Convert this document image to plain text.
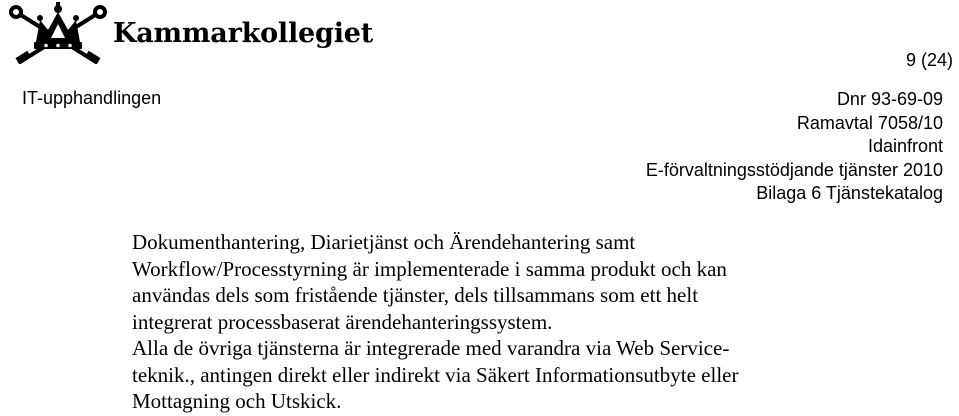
Kammarkollegiet
9 (24)
IT-upphandlingen	Dnr 93-69-09
Ramavtal 7058/10
Idainfront
E-förvaltningsstödjande tjänster 2010
Bilaga 6 Tjänstekatalog
Dokumenthantering, Diarietjänst och Ärendehantering samt
Workflow/Processtyrning är implementerade i samma produkt och kan
användas dels som fristående tjänster, dels tillsammans som ett helt
integrerat processbaserat ärendehanteringssystem.
Alla de övriga tjänsterna är integrerade med varandra via Web Service-
teknik., antingen direkt eller indirekt via Säkert Informationsutbyte eller
Mottagning och Utskick.
